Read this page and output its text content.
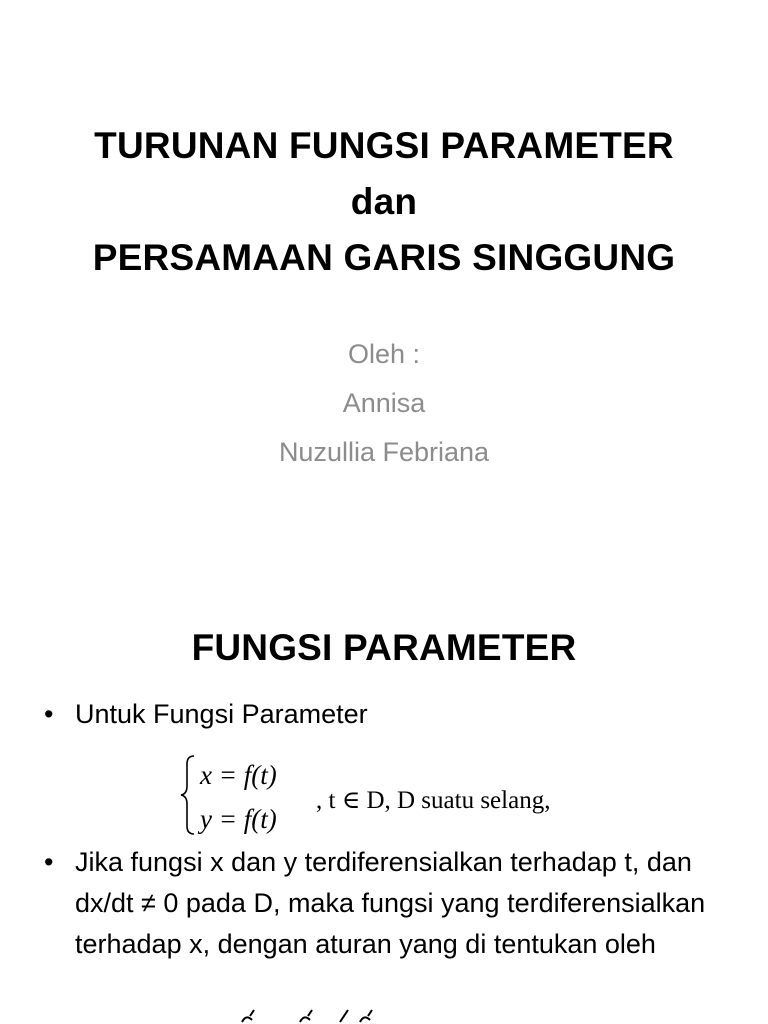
TURUNAN FUNGSI PARAMETER
dan
PERSAMAAN GARIS SINGGUNG
Oleh :
Annisa
Nuzullia Febriana
FUNGSI PARAMETER
• Untuk Fungsi Parameter
x = f(t)
y = f(t)
, t ∈ D, D suatu selang,
• Jika fungsi x dan y terdiferensialkan terhadap t, dan dx/dt ≠ 0 pada D, maka fungsi yang terdiferensialkan terhadap x, dengan aturan yang di tentukan oleh
